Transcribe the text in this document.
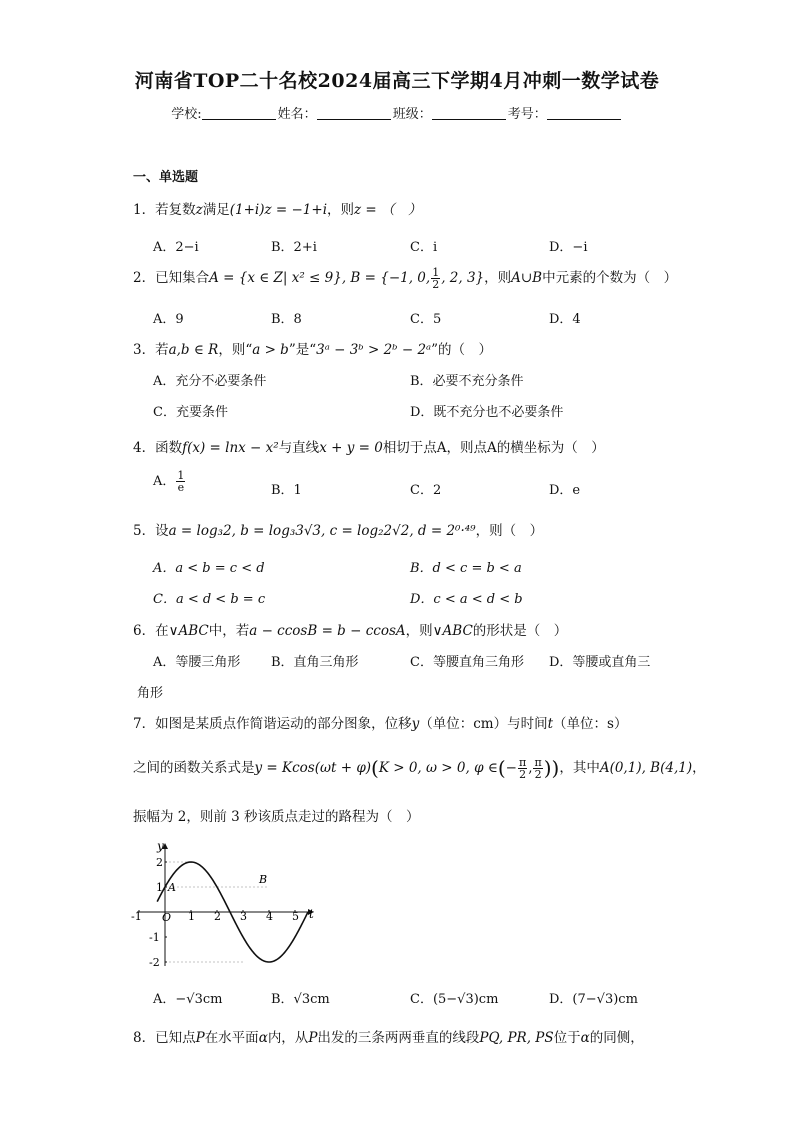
河南省TOP二十名校2024届高三下学期4月冲刺一数学试卷
学校:	姓名：	班级：	考号：
一、单选题
1．若复数z满足(1+i)z = −1+i，则z = （　）
A．2−i	B．2+i	C．i	D．−i
2．已知集合A = {x ∈ Z| x² ≤ 9}, B = {−1, 0, $\frac{1}{2}$ , 2, 3}，则A∪B中元素的个数为（　）
A．9	B．8	C．5	D．4
3．若a,b ∈ R，则“a > b”是“3ᵃ − 3ᵇ > 2ᵇ − 2ᵃ”的（　）
A．充分不必要条件	B．必要不充分条件
C．充要条件	D．既不充分也不必要条件
4．函数f(x) = lnx − x²与直线x + y = 0相切于点A，则点A的横坐标为（　）
A． $\frac{1}{e}$	B．1	C．2	D．e
5．设a = log₃2, b = log₃3√3, c = log₂2√2, d = 2⁰·⁴⁹，则（　）
A．a < b = c < d	B．d < c = b < a
C．a < d < b = c	D．c < a < d < b
6．在∨ABC中，若a − ccosB = b − ccosA，则∨ABC的形状是（　）
A．等腰三角形 B．直角三角形	C．等腰直角三角形 D．等腰或直角三
角形
7．如图是某质点作简谐运动的部分图象，位移y（单位：cm）与时间t（单位：s）
之间的函数关系式是y = Kcos(ωt + φ)(K > 0, ω > 0, φ ∈(− $\frac{\pi}{2}$ , $\frac{\pi}{2}$ ))，其中A(0,1), B(4,1)，
振幅为 2，则前 3 秒该质点走过的路程为（　）
-1	1 2 3 4 5
2
1
-1
-2
t
y
O
A
B
A．−√3cm	B．√3cm	C．(5−√3)cm	D．(7−√3)cm
8．已知点P在水平面α内，从P出发的三条两两垂直的线段PQ, PR, PS位于α的同侧，
